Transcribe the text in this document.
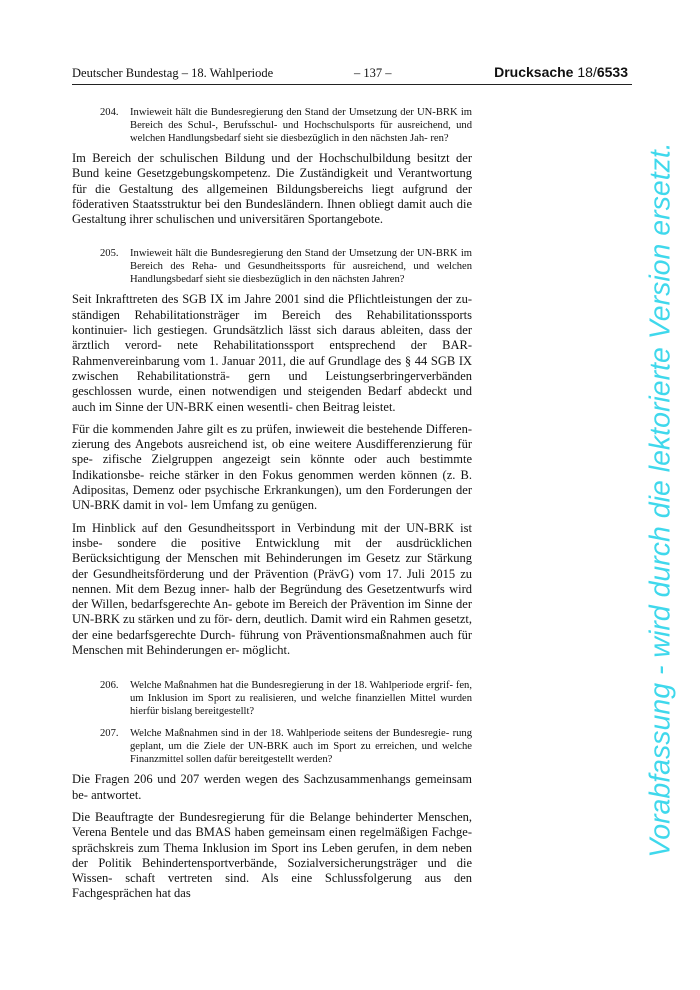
Deutscher Bundestag – 18. Wahlperiode	– 137 –	Drucksache 18/6533
204. Inwieweit hält die Bundesregierung den Stand der Umsetzung der UN-BRK im Bereich des Schul-, Berufsschul- und Hochschulsports für ausreichend, und welchen Handlungsbedarf sieht sie diesbezüglich in den nächsten Jah- ren?
Im Bereich der schulischen Bildung und der Hochschulbildung besitzt der Bund keine Gesetzgebungskompetenz. Die Zuständigkeit und Verantwortung für die Gestaltung des allgemeinen Bildungsbereichs liegt aufgrund der föderativen Staatsstruktur bei den Bundesländern. Ihnen obliegt damit auch die Gestaltung ihrer schulischen und universitären Sportangebote.
205. Inwieweit hält die Bundesregierung den Stand der Umsetzung der UN-BRK im Bereich des Reha- und Gesundheitssports für ausreichend, und welchen Handlungsbedarf sieht sie diesbezüglich in den nächsten Jahren?
Seit Inkrafttreten des SGB IX im Jahre 2001 sind die Pflichtleistungen der zu- ständigen Rehabilitationsträger im Bereich des Rehabilitationssports kontinuier- lich gestiegen. Grundsätzlich lässt sich daraus ableiten, dass der ärztlich verord- nete Rehabilitationssport entsprechend der BAR-Rahmenvereinbarung vom 1. Januar 2011, die auf Grundlage des § 44 SGB IX zwischen Rehabilitationsträ- gern und Leistungserbringerverbänden geschlossen wurde, einen notwendigen und steigenden Bedarf abdeckt und auch im Sinne der UN-BRK einen wesentli- chen Beitrag leistet.
Für die kommenden Jahre gilt es zu prüfen, inwieweit die bestehende Differen- zierung des Angebots ausreichend ist, ob eine weitere Ausdifferenzierung für spe- zifische Zielgruppen angezeigt sein könnte oder auch bestimmte Indikationsbe- reiche stärker in den Fokus genommen werden können (z. B. Adipositas, Demenz oder psychische Erkrankungen), um den Forderungen der UN-BRK damit in vol- lem Umfang zu genügen.
Im Hinblick auf den Gesundheitssport in Verbindung mit der UN-BRK ist insbe- sondere die positive Entwicklung mit der ausdrücklichen Berücksichtigung der Menschen mit Behinderungen im Gesetz zur Stärkung der Gesundheitsförderung und der Prävention (PrävG) vom 17. Juli 2015 zu nennen. Mit dem Bezug inner- halb der Begründung des Gesetzentwurfs wird der Willen, bedarfsgerechte An- gebote im Bereich der Prävention im Sinne der UN-BRK zu stärken und zu för- dern, deutlich. Damit wird ein Rahmen gesetzt, der eine bedarfsgerechte Durch- führung von Präventionsmaßnahmen auch für Menschen mit Behinderungen er- möglicht.
206. Welche Maßnahmen hat die Bundesregierung in der 18. Wahlperiode ergrif- fen, um Inklusion im Sport zu realisieren, und welche finanziellen Mittel wurden hierfür bislang bereitgestellt?
207. Welche Maßnahmen sind in der 18. Wahlperiode seitens der Bundesregie- rung geplant, um die Ziele der UN-BRK auch im Sport zu erreichen, und welche Finanzmittel sollen dafür bereitgestellt werden?
Die Fragen 206 und 207 werden wegen des Sachzusammenhangs gemeinsam be- antwortet.
Die Beauftragte der Bundesregierung für die Belange behinderter Menschen, Verena Bentele und das BMAS haben gemeinsam einen regelmäßigen Fachge- sprächskreis zum Thema Inklusion im Sport ins Leben gerufen, in dem neben der Politik Behindertensportverbände, Sozialversicherungsträger und die Wissen- schaft vertreten sind. Als eine Schlussfolgerung aus den Fachgesprächen hat das
Vorabfassung - wird durch die lektorierte Version ersetzt.
